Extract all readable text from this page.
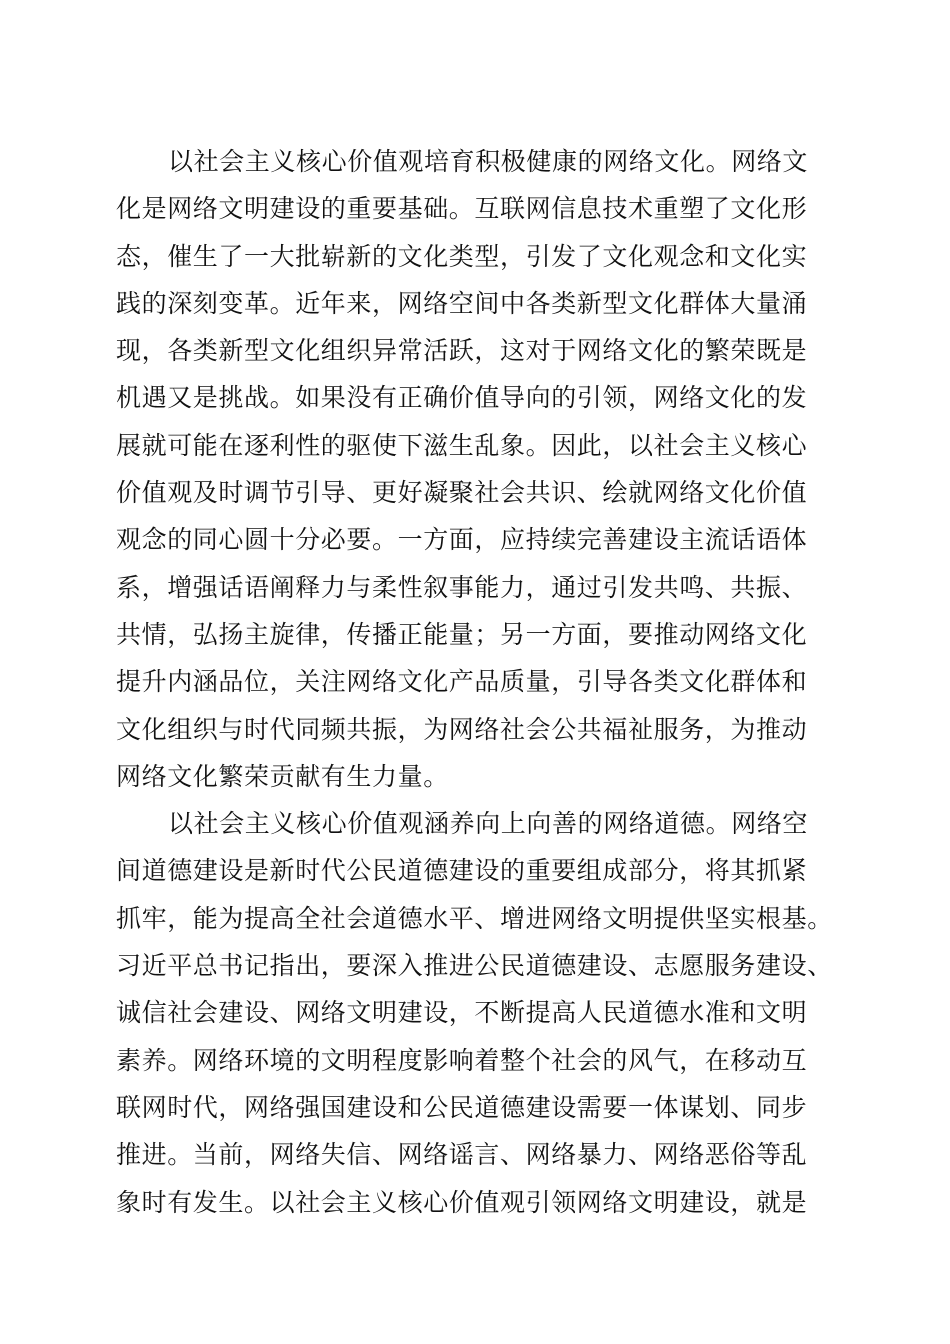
以社会主义核心价值观培育积极健康的网络文化。网络文
化是网络文明建设的重要基础。互联网信息技术重塑了文化形
态，催生了一大批崭新的文化类型，引发了文化观念和文化实
践的深刻变革。近年来，网络空间中各类新型文化群体大量涌
现，各类新型文化组织异常活跃，这对于网络文化的繁荣既是
机遇又是挑战。如果没有正确价值导向的引领，网络文化的发
展就可能在逐利性的驱使下滋生乱象。因此，以社会主义核心
价值观及时调节引导、更好凝聚社会共识、绘就网络文化价值
观念的同心圆十分必要。一方面，应持续完善建设主流话语体
系，增强话语阐释力与柔性叙事能力，通过引发共鸣、共振、
共情，弘扬主旋律，传播正能量；另一方面，要推动网络文化
提升内涵品位，关注网络文化产品质量，引导各类文化群体和
文化组织与时代同频共振，为网络社会公共福祉服务，为推动
网络文化繁荣贡献有生力量。
以社会主义核心价值观涵养向上向善的网络道德。网络空
间道德建设是新时代公民道德建设的重要组成部分，将其抓紧
抓牢，能为提高全社会道德水平、增进网络文明提供坚实根基。
习近平总书记指出，要深入推进公民道德建设、志愿服务建设、
诚信社会建设、网络文明建设，不断提高人民道德水准和文明
素养。网络环境的文明程度影响着整个社会的风气，在移动互
联网时代，网络强国建设和公民道德建设需要一体谋划、同步
推进。当前，网络失信、网络谣言、网络暴力、网络恶俗等乱
象时有发生。以社会主义核心价值观引领网络文明建设，就是
